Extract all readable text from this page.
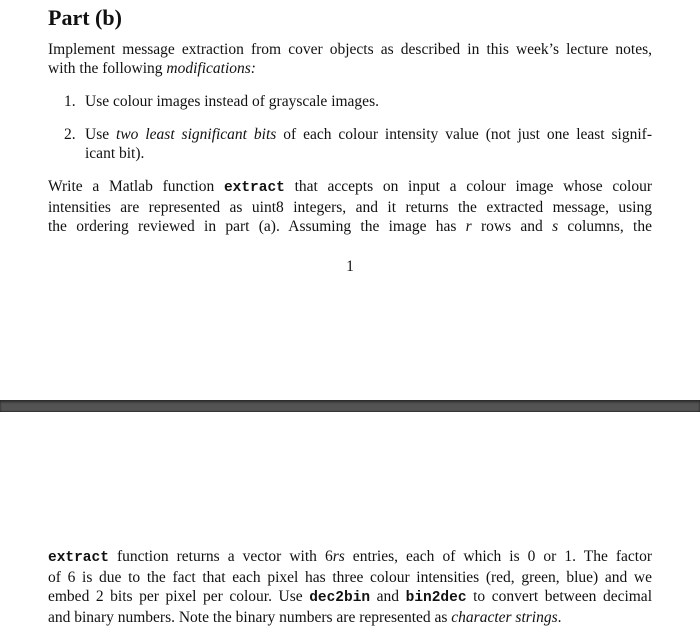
Part (b)

Implement message extraction from cover objects as described in this week’s lecture notes,
with the following modifications:

1. Use colour images instead of grayscale images.
2. Use two least significant bits of each colour intensity value (not just one least signif-
icant bit).

Write a Matlab function extract that accepts on input a colour image whose colour
intensities are represented as uint8 integers, and it returns the extracted message, using
the ordering reviewed in part (a). Assuming the image has r rows and s columns, the

1

extract function returns a vector with 6rs entries, each of which is 0 or 1. The factor
of 6 is due to the fact that each pixel has three colour intensities (red, green, blue) and we
embed 2 bits per pixel per colour. Use dec2bin and bin2dec to convert between decimal
and binary numbers. Note the binary numbers are represented as character strings.
